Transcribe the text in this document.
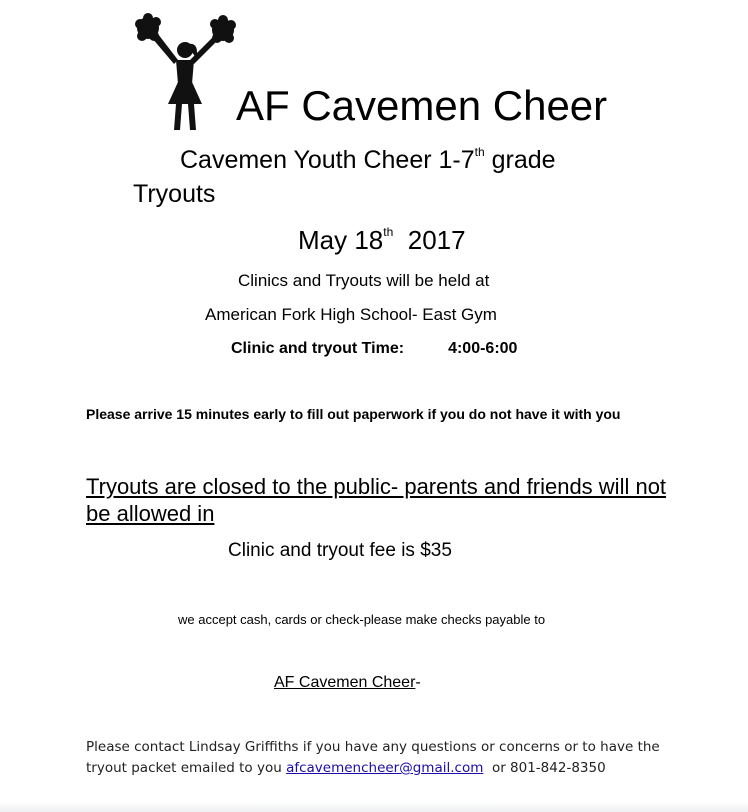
AF Cavemen Cheer
Cavemen Youth Cheer 1-7th grade
Tryouts
May 18th  2017
Clinics and Tryouts will be held at
American Fork High School- East Gym
Clinic and tryout Time:	4:00-6:00
Please arrive 15 minutes early to fill out paperwork if you do not have it with you
Tryouts are closed to the public- parents and friends will not be allowed in
Clinic and tryout fee is $35
we accept cash, cards or check-please make checks payable to
AF Cavemen Cheer-
Please contact Lindsay Griffiths if you have any questions or concerns or to have the tryout packet emailed to you afcavemencheer@gmail.com  or 801-842-8350
